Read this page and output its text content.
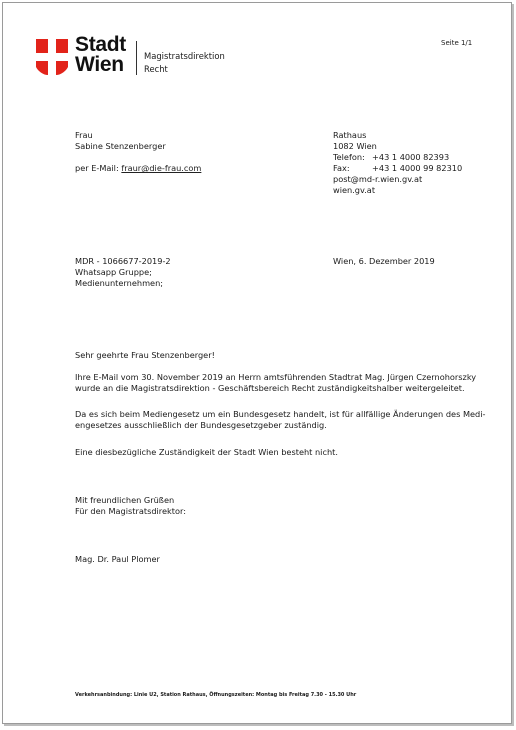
Stadt
Wien Magistratsdirektion
Recht
Seite 1/1
Frau
Sabine Stenzenberger
per E-Mail: fraur@die-frau.com
Rathaus
1082 Wien
Telefon: +43 1 4000 82393
Fax:	+43 1 4000 99 82310
post@md-r.wien.gv.at
wien.gv.at
MDR - 1066677-2019-2
Whatsapp Gruppe;
Medienunternehmen;
Wien, 6. Dezember 2019
Sehr geehrte Frau Stenzenberger!
Ihre E-Mail vom 30. November 2019 an Herrn amtsführenden Stadtrat Mag. Jürgen Czernohorszky
wurde an die Magistratsdirektion - Geschäftsbereich Recht zuständigkeitshalber weitergeleitet.
Da es sich beim Mediengesetz um ein Bundesgesetz handelt, ist für allfällige Änderungen des Medi-
engesetzes ausschließlich der Bundesgesetzgeber zuständig.
Eine diesbezügliche Zuständigkeit der Stadt Wien besteht nicht.
Mit freundlichen Grüßen
Für den Magistratsdirektor:
Mag. Dr. Paul Plomer
Verkehrsanbindung: Linie U2, Station Rathaus, Öffnungszeiten: Montag bis Freitag 7.30 - 15.30 Uhr
